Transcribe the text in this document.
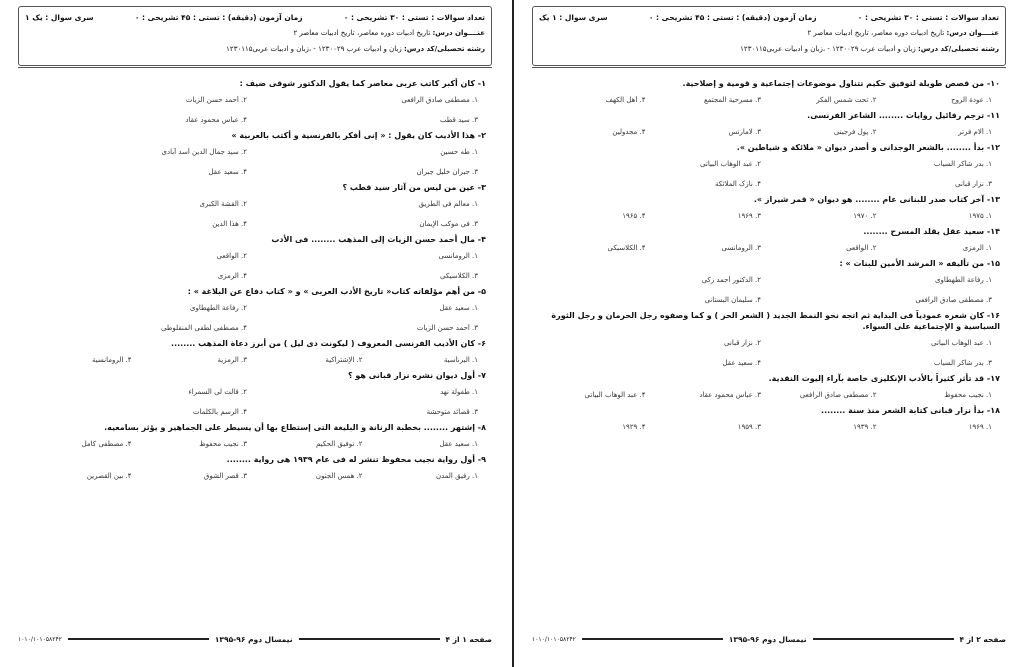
تعداد سوالات : تستی : ۳۰ تشریحی : ۰
زمان آزمون (دقیقه) : تستی : ۴۵ تشریحی : ۰
سری سوال : یک ۱
عنــــوان درس: تاریخ ادبیات دوره معاصر، تاریخ ادبیات معاصر ۲
رشته تحصیلی/کد درس: زبان و ادبیات عرب ۱۲۳۰۰۲۹ - ،زبان و ادبیات عربی۱۲۳۰۱۱۵
۱- کان أکبر کاتب عربی معاصر کما یقول الدکتور شوقی ضیف :
۱. مصطفی صادق الرافعی
۲. أحمد حسن الزیات
۳. سید قطب
۴. عباس محمود عقاد
۲- هذا الأدیب کان یقول : « إنی أفکر بالفرنسیة و أکتب بالعربیة »
۱. طه حسین
۲. سید جمال الدین أسد آبادی
۳. جبران خلیل جبران
۴. سعید عقل
۳- عین من لیس من آثار سید قطب ؟
۱. معالم فی الطریق
۲. القشة الکبری
۳. فی موکب الإیمان
۴. هذا الدین
۴- مال أحمد حسن الزیات إلی المذهب ........ فی الأدب
۱. الرومانسی
۲. الواقعی
۳. الکلاسیکی
۴. الرمزی
۵- من أهم مؤلفاته کتاب« تاریخ الأدب العربی » و « کتاب دفاع عن البلاغة » :
۱. سعید عقل
۲. رفاعة الطهطاوی
۳. أحمد حسن الزیات
۴. مصطفی لطفی المنفلوطی
۶- کان الأدیب الفرنسی المعروف ( لیکونت دی لیل ) من أبرز دعاة المذهب ........
۱. البرناسیة
۲. الإشتراکیة
۳. الرمزیة
۴. الرومانسیة
۷- أول دیوان نشره نزار قبانی هو ؟
۱. طفولة نهد
۲. قالت لی السمراء
۳. قصائد متوحشة
۴. الرسم بالکلمات
۸- إشتهر ........ بخطبة الرنانة و البلیغة التی إستطاع بها أن یسیطر علی الجماهیر و یؤثر بسامعیه.
۱. سعید عقل
۲. توفیق الحکیم
۳. نجیب محفوظ
۴. مصطفی کامل
۹- أول روایة نجیب محفوظ تنشر له فی عام ۱۹۳۹ هی روایة ........
۱. رفیق المدن
۲. همس الجنون
۳. قصر الشوق
۴. بین القصرین
صفحه ۱ از ۴
نیمسال دوم ۹۶-۱۳۹۵
۱۰۱۰/۱۰۱۰۵۸۲۴۲
تعداد سوالات : تستی : ۳۰ تشریحی : ۰
زمان آزمون (دقیقه) : تستی : ۴۵ تشریحی : ۰
سری سوال : ۱ یک
عنــــوان درس: تاریخ ادبیات دوره معاصر، تاریخ ادبیات معاصر ۲
رشته تحصیلی/کد درس: زبان و ادبیات عرب ۱۲۳۰۰۲۹ - ،زبان و ادبیات عربی۱۲۳۰۱۱۵
۱۰- من قصص طویلة لتوفیق حکیم تتناول موضوعات إجتماعیة و قومیة و إصلاحیة.
۱. عودة الروح
۲. تحت شمس الفکر
۳. مسرحیة المجتمع
۴. أهل الکهف
۱۱- ترجم رفائیل روایات ........ الشاعر الفرنسی.
۱. ألام فرتر
۲. پول فرجینی
۳. لامارتس
۴. مجدولین
۱۲- بدأ ........ بالشعر الوجدانی و أصدر دیوان « ملائکة و شیاطین ».
۱. بدر شاکر السیاب
۲. عبد الوهاب البیاتی
۳. نزار قبانی
۴. نازک الملائکة
۱۳- آخر کتاب صدر للبنانی عام ........ هو دیوان « قمر شیراز ».
۱. ۱۹۷۵
۲. ۱۹۷۰
۳. ۱۹۶۹
۴. ۱۹۶۵
۱۴- سعید عقل یقلد المسرح ........
۱. الرمزی
۲. الواقعی
۳. الرومانسی
۴. الکلاسیکی
۱۵- من تألیفه « المرشد الأمین للبنات » :
۱. رفاعة الطهطاوی
۲. الدکتور أحمد زکی
۳. مصطفی صادق الرافعی
۴. سلیمان البستانی
۱۶- کان شعره عمودیاً فی البدایة ثم اتجه نحو النمط الجدید ( الشعر الحر ) و کما وصفوه رجل الحرمان و رجل الثورة السیاسیة و الإجتماعیة علی السواء.
۱. عبد الوهاب البیاتی
۲. نزار قبانی
۳. بدر شاکر السیاب
۴. سعید عقل
۱۷- قد تأثر کثیراً بالأدب الإنکلیزی خاصة بآراء إلیوت النقدیة.
۱. نجیب محفوظ
۲. مصطفی صادق الرافعی
۳. عباس محمود عقاد
۴. عبد الوهاب البیاتی
۱۸- بدأ نزار قبانی کتابة الشعر منذ سنة ........
۱. ۱۹۶۹
۲. ۱۹۳۹
۳. ۱۹۵۹
۴. ۱۹۲۹
صفحه ۲ از ۴
نیمسال دوم ۹۶-۱۳۹۵
۱۰۱۰/۱۰۱۰۵۸۲۴۲
